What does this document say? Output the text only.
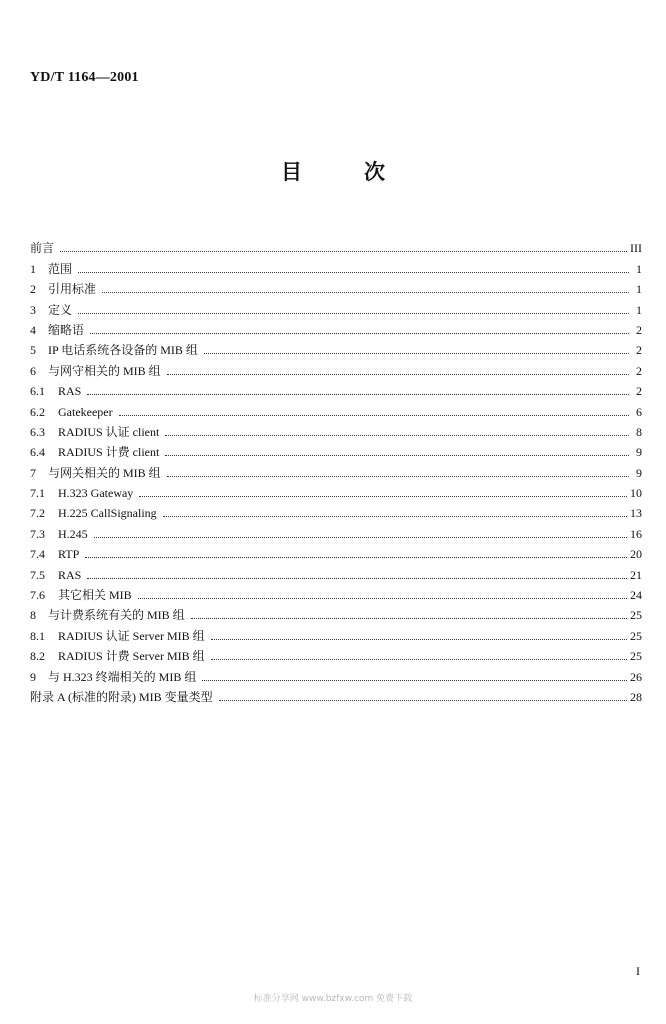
YD/T 1164—2001
目	次
前言	III
1	范围	1
2	引用标准	1
3	定义	1
4	缩略语	2
5	IP 电话系统各设备的 MIB 组	2
6	与网守相关的 MIB 组	2
6.1	RAS	2
6.2	Gatekeeper	6
6.3	RADIUS 认证 client	8
6.4	RADIUS 计费 client	9
7	与网关相关的 MIB 组	9
7.1	H.323 Gateway	10
7.2	H.225 CallSignaling	13
7.3	H.245	16
7.4	RTP	20
7.5	RAS	21
7.6	其它相关 MIB	24
8	与计费系统有关的 MIB 组	25
8.1	RADIUS 认证 Server MIB 组	25
8.2	RADIUS 计费 Server MIB 组	25
9	与 H.323 终端相关的 MIB 组	26
附录 A (标准的附录) MIB 变量类型	28
I
标准分享网 www.bzfxw.com 免费下载
